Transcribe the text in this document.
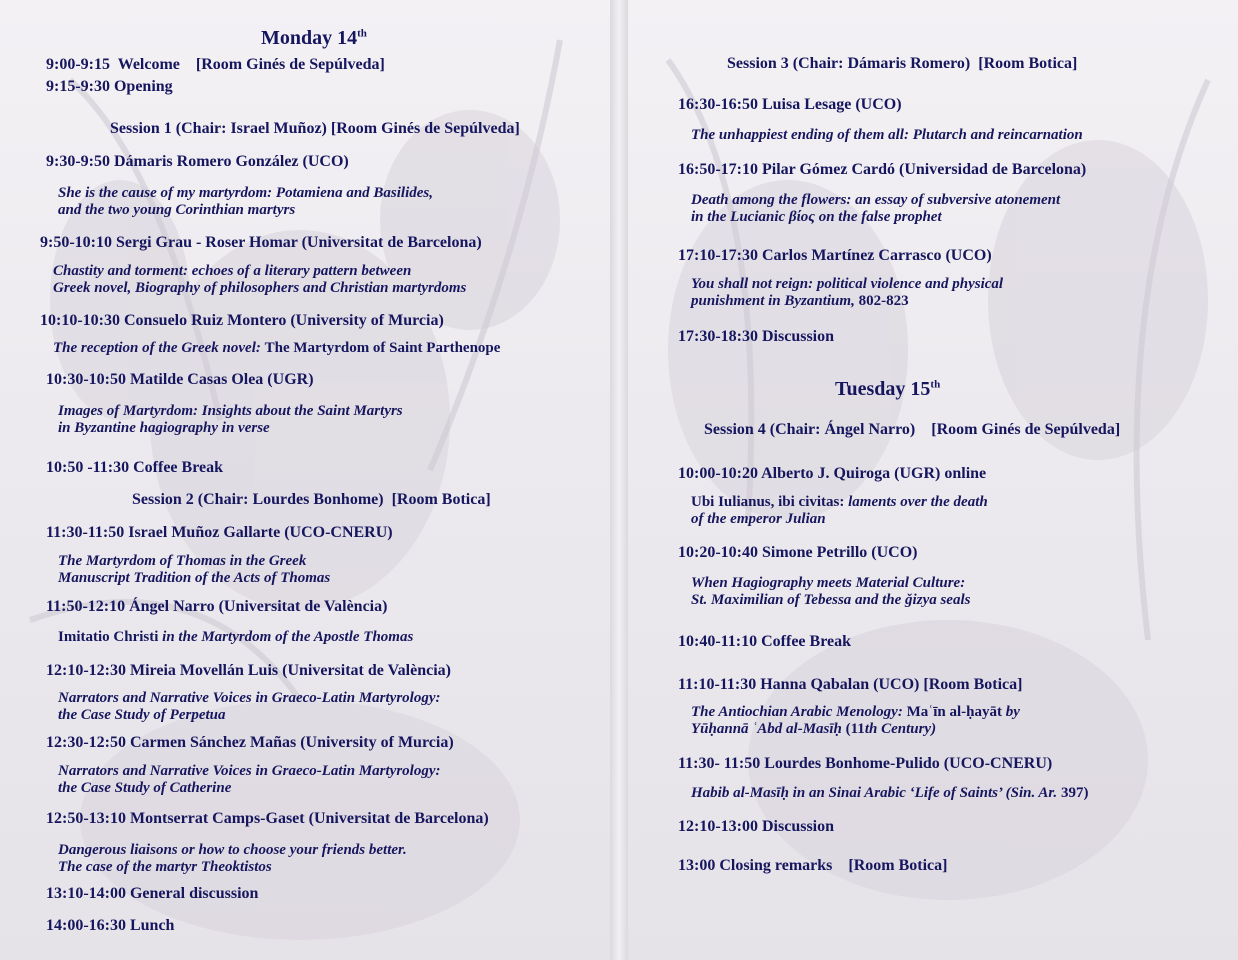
Monday 14th
9:00-9:15 Welcome [Room Ginés de Sepúlveda]
9:15-9:30 Opening
Session 1 (Chair: Israel Muñoz) [Room Ginés de Sepúlveda]
9:30-9:50 Dámaris Romero González (UCO)
She is the cause of my martyrdom: Potamiena and Basilides,
and the two young Corinthian martyrs
9:50-10:10 Sergi Grau - Roser Homar (Universitat de Barcelona)
Chastity and torment: echoes of a literary pattern between
Greek novel, Biography of philosophers and Christian martyrdoms
10:10-10:30 Consuelo Ruiz Montero (University of Murcia)
The reception of the Greek novel: The Martyrdom of Saint Parthenope
10:30-10:50 Matilde Casas Olea (UGR)
Images of Martyrdom: Insights about the Saint Martyrs
in Byzantine hagiography in verse
10:50 -11:30 Coffee Break
Session 2 (Chair: Lourdes Bonhome) [Room Botica]
11:30-11:50 Israel Muñoz Gallarte (UCO-CNERU)
The Martyrdom of Thomas in the Greek
Manuscript Tradition of the Acts of Thomas
11:50-12:10 Ángel Narro (Universitat de València)
Imitatio Christi in the Martyrdom of the Apostle Thomas
12:10-12:30 Mireia Movellán Luis (Universitat de València)
Narrators and Narrative Voices in Graeco-Latin Martyrology:
the Case Study of Perpetua
12:30-12:50 Carmen Sánchez Mañas (University of Murcia)
Narrators and Narrative Voices in Graeco-Latin Martyrology:
the Case Study of Catherine
12:50-13:10 Montserrat Camps-Gaset (Universitat de Barcelona)
Dangerous liaisons or how to choose your friends better.
The case of the martyr Theoktistos
13:10-14:00 General discussion
14:00-16:30 Lunch
Session 3 (Chair: Dámaris Romero) [Room Botica]
16:30-16:50 Luisa Lesage (UCO)
The unhappiest ending of them all: Plutarch and reincarnation
16:50-17:10 Pilar Gómez Cardó (Universidad de Barcelona)
Death among the flowers: an essay of subversive atonement
in the Lucianic βίος on the false prophet
17:10-17:30 Carlos Martínez Carrasco (UCO)
You shall not reign: political violence and physical
punishment in Byzantium, 802-823
17:30-18:30 Discussion
Tuesday 15th
Session 4 (Chair: Ángel Narro) [Room Ginés de Sepúlveda]
10:00-10:20 Alberto J. Quiroga (UGR) online
Ubi Iulianus, ibi civitas: laments over the death
of the emperor Julian
10:20-10:40 Simone Petrillo (UCO)
When Hagiography meets Material Culture:
St. Maximilian of Tebessa and the ǧizya seals
10:40-11:10 Coffee Break
11:10-11:30 Hanna Qabalan (UCO) [Room Botica]
The Antiochian Arabic Menology: Maʿīn al-ḥayāt by
Yūḥannā ʿAbd al-Masīḥ (11th Century)
11:30- 11:50 Lourdes Bonhome-Pulido (UCO-CNERU)
Habib al-Masīḥ in an Sinai Arabic ‘Life of Saints’ (Sin. Ar. 397)
12:10-13:00 Discussion
13:00 Closing remarks [Room Botica]
